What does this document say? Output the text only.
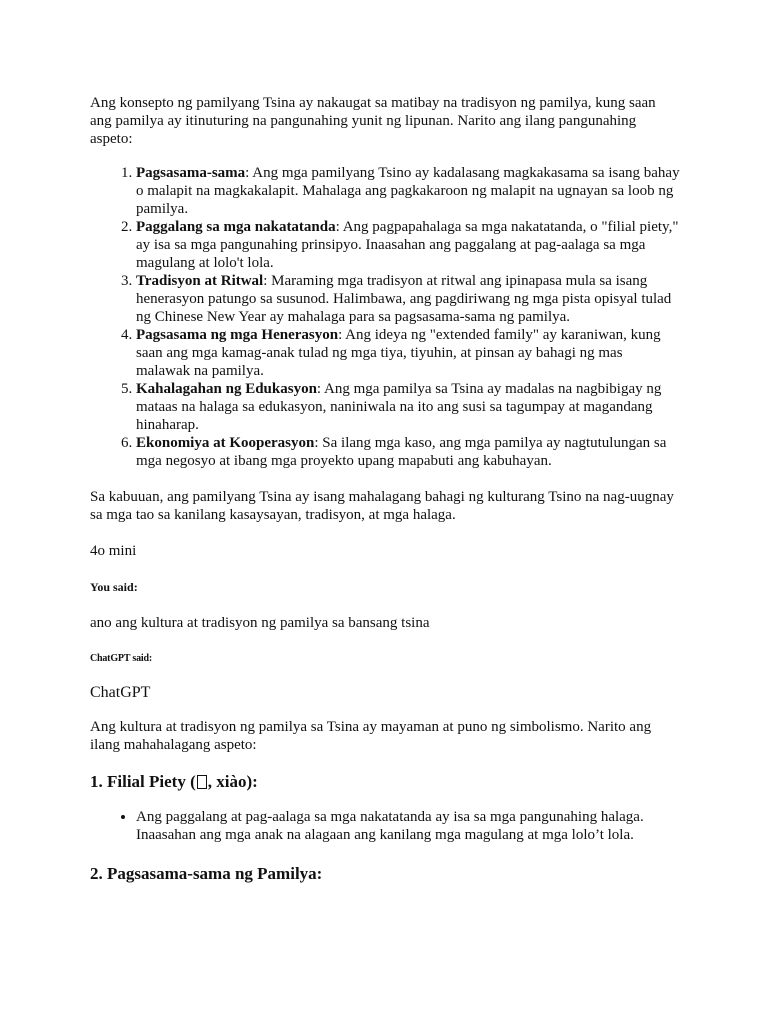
Ang konsepto ng pamilyang Tsina ay nakaugat sa matibay na tradisyon ng pamilya, kung saan ang pamilya ay itinuturing na pangunahing yunit ng lipunan. Narito ang ilang pangunahing aspeto:

1. Pagsasama-sama: Ang mga pamilyang Tsino ay kadalasang magkakasama sa isang bahay o malapit na magkakalapit. Mahalaga ang pagkakaroon ng malapit na ugnayan sa loob ng pamilya.
2. Paggalang sa mga nakatatanda: Ang pagpapahalaga sa mga nakatatanda, o "filial piety," ay isa sa mga pangunahing prinsipyo. Inaasahan ang paggalang at pag-aalaga sa mga magulang at lolo't lola.
3. Tradisyon at Ritwal: Maraming mga tradisyon at ritwal ang ipinapasa mula sa isang henerasyon patungo sa susunod. Halimbawa, ang pagdiriwang ng mga pista opisyal tulad ng Chinese New Year ay mahalaga para sa pagsasama-sama ng pamilya.
4. Pagsasama ng mga Henerasyon: Ang ideya ng "extended family" ay karaniwan, kung saan ang mga kamag-anak tulad ng mga tiya, tiyuhin, at pinsan ay bahagi ng mas malawak na pamilya.
5. Kahalagahan ng Edukasyon: Ang mga pamilya sa Tsina ay madalas na nagbibigay ng mataas na halaga sa edukasyon, naniniwala na ito ang susi sa tagumpay at magandang hinaharap.
6. Ekonomiya at Kooperasyon: Sa ilang mga kaso, ang mga pamilya ay nagtutulungan sa mga negosyo at ibang mga proyekto upang mapabuti ang kabuhayan.

Sa kabuuan, ang pamilyang Tsina ay isang mahalagang bahagi ng kulturang Tsino na nag-uugnay sa mga tao sa kanilang kasaysayan, tradisyon, at mga halaga.

4o mini

You said:

ano ang kultura at tradisyon ng pamilya sa bansang tsina

ChatGPT said:

ChatGPT

Ang kultura at tradisyon ng pamilya sa Tsina ay mayaman at puno ng simbolismo. Narito ang ilang mahahalagang aspeto:

1. Filial Piety ( , xiào):
• Ang paggalang at pag-aalaga sa mga nakatatanda ay isa sa mga pangunahing halaga. Inaasahan ang mga anak na alagaan ang kanilang mga magulang at mga lolo’t lola.
2. Pagsasama-sama ng Pamilya:
